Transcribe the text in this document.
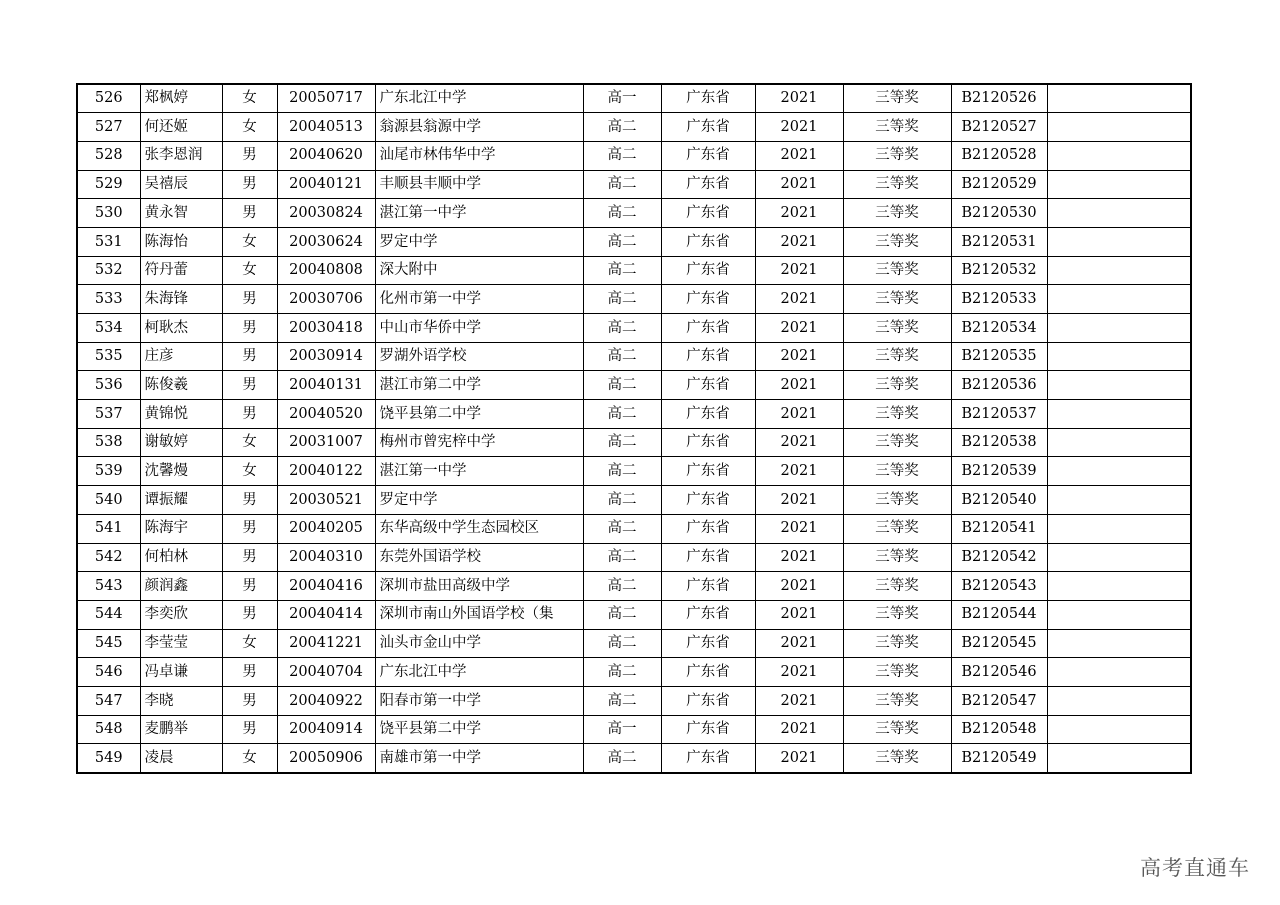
526	郑枫婷	女	20050717	广东北江中学	高一	广东省	2021	三等奖	B2120526	
527	何还姬	女	20040513	翁源县翁源中学	高二	广东省	2021	三等奖	B2120527	
528	张李恩润	男	20040620	汕尾市林伟华中学	高二	广东省	2021	三等奖	B2120528	
529	吴禧辰	男	20040121	丰顺县丰顺中学	高二	广东省	2021	三等奖	B2120529	
530	黄永智	男	20030824	湛江第一中学	高二	广东省	2021	三等奖	B2120530	
531	陈海怡	女	20030624	罗定中学	高二	广东省	2021	三等奖	B2120531	
532	符丹蕾	女	20040808	深大附中	高二	广东省	2021	三等奖	B2120532	
533	朱海锋	男	20030706	化州市第一中学	高二	广东省	2021	三等奖	B2120533	
534	柯耿杰	男	20030418	中山市华侨中学	高二	广东省	2021	三等奖	B2120534	
535	庄彦	男	20030914	罗湖外语学校	高二	广东省	2021	三等奖	B2120535	
536	陈俊羲	男	20040131	湛江市第二中学	高二	广东省	2021	三等奖	B2120536	
537	黄锦悦	男	20040520	饶平县第二中学	高二	广东省	2021	三等奖	B2120537	
538	谢敏婷	女	20031007	梅州市曾宪梓中学	高二	广东省	2021	三等奖	B2120538	
539	沈馨熳	女	20040122	湛江第一中学	高二	广东省	2021	三等奖	B2120539	
540	谭振耀	男	20030521	罗定中学	高二	广东省	2021	三等奖	B2120540	
541	陈海宇	男	20040205	东华高级中学生态园校区	高二	广东省	2021	三等奖	B2120541	
542	何柏林	男	20040310	东莞外国语学校	高二	广东省	2021	三等奖	B2120542	
543	颜润鑫	男	20040416	深圳市盐田高级中学	高二	广东省	2021	三等奖	B2120543	
544	李奕欣	男	20040414	深圳市南山外国语学校（集	高二	广东省	2021	三等奖	B2120544	
545	李莹莹	女	20041221	汕头市金山中学	高二	广东省	2021	三等奖	B2120545	
546	冯卓谦	男	20040704	广东北江中学	高二	广东省	2021	三等奖	B2120546	
547	李晓	男	20040922	阳春市第一中学	高二	广东省	2021	三等奖	B2120547	
548	麦鹏举	男	20040914	饶平县第二中学	高一	广东省	2021	三等奖	B2120548	
549	凌晨	女	20050906	南雄市第一中学	高二	广东省	2021	三等奖	B2120549	
高考直通车
